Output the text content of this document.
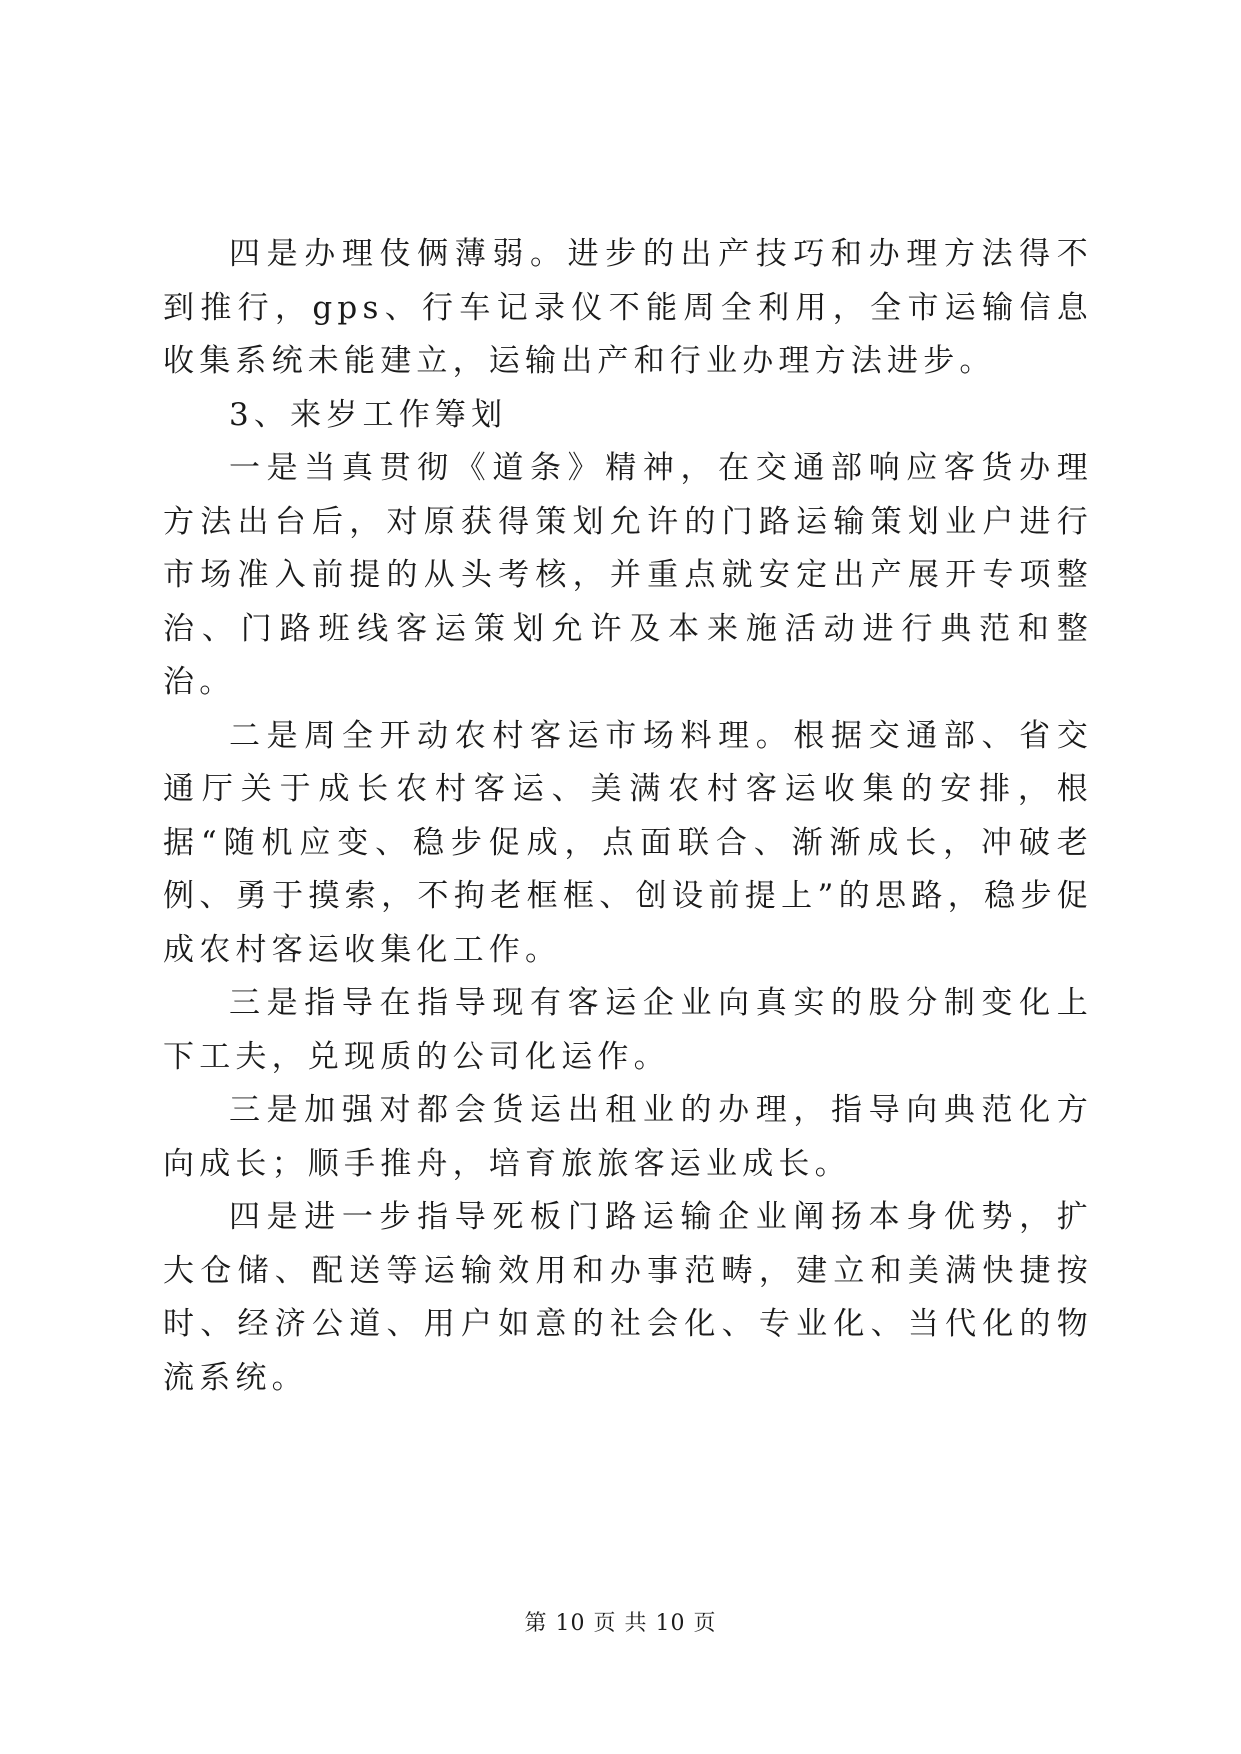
四是办理伎俩薄弱。进步的出产技巧和办理方法得不到推行，gps、行车记录仪不能周全利用，全市运输信息收集系统未能建立，运输出产和行业办理方法进步。

3、来岁工作筹划

一是当真贯彻《道条》精神，在交通部响应客货办理方法出台后，对原获得策划允许的门路运输策划业户进行市场准入前提的从头考核，并重点就安定出产展开专项整治、门路班线客运策划允许及本来施活动进行典范和整治。

二是周全开动农村客运市场料理。根据交通部、省交通厅关于成长农村客运、美满农村客运收集的安排，根据“随机应变、稳步促成，点面联合、渐渐成长，冲破老例、勇于摸索，不拘老框框、创设前提上”的思路，稳步促成农村客运收集化工作。

三是指导在指导现有客运企业向真实的股分制变化上下工夫，兑现质的公司化运作。

三是加强对都会货运出租业的办理，指导向典范化方向成长；顺手推舟，培育旅旅客运业成长。

四是进一步指导死板门路运输企业阐扬本身优势，扩大仓储、配送等运输效用和办事范畴，建立和美满快捷按时、经济公道、用户如意的社会化、专业化、当代化的物流系统。

第 10 页 共 10 页
